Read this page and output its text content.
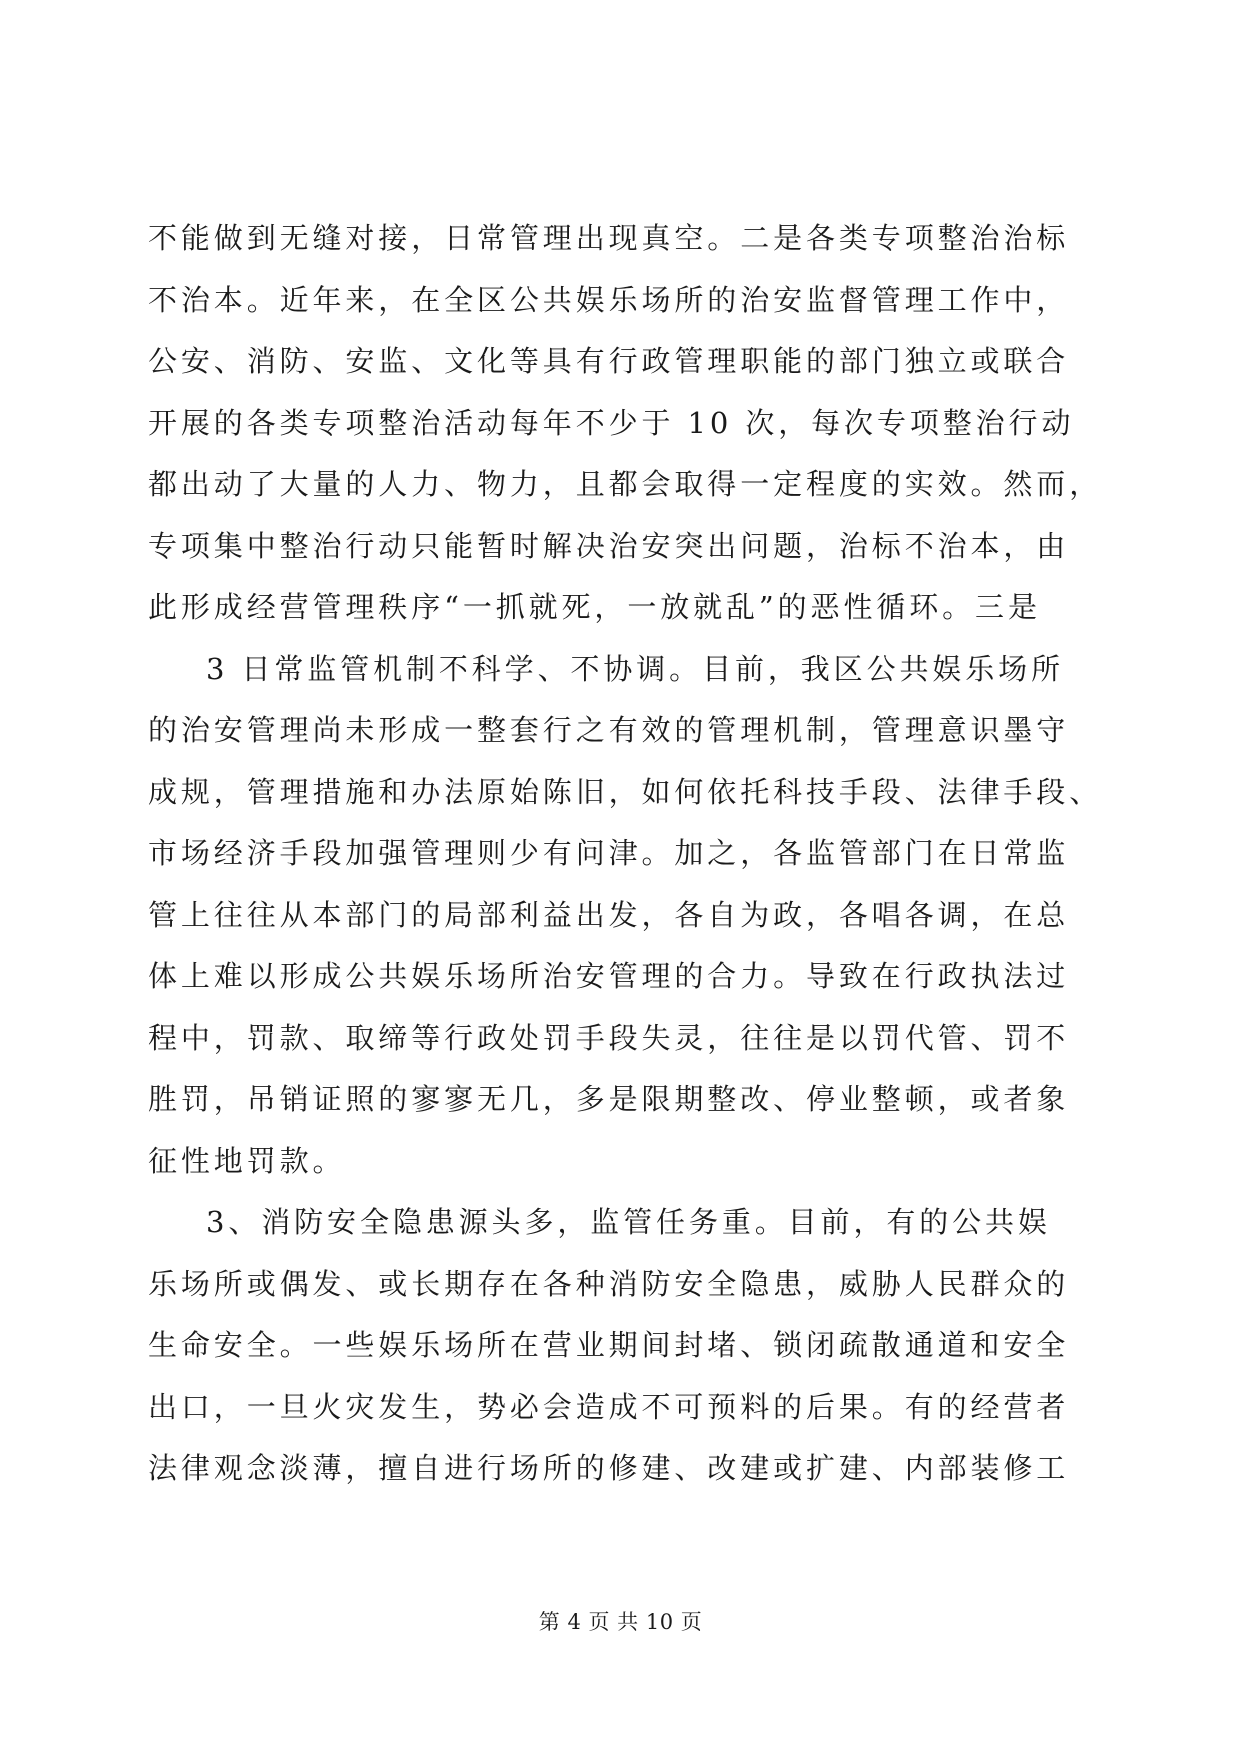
不能做到无缝对接，日常管理出现真空。二是各类专项整治治标
不治本。近年来，在全区公共娱乐场所的治安监督管理工作中，
公安、消防、安监、文化等具有行政管理职能的部门独立或联合
开展的各类专项整治活动每年不少于 10 次，每次专项整治行动
都出动了大量的人力、物力，且都会取得一定程度的实效。然而，
专项集中整治行动只能暂时解决治安突出问题，治标不治本，由
此形成经营管理秩序“一抓就死，一放就乱”的恶性循环。三是
3 日常监管机制不科学、不协调。目前，我区公共娱乐场所
的治安管理尚未形成一整套行之有效的管理机制，管理意识墨守
成规，管理措施和办法原始陈旧，如何依托科技手段、法律手段、
市场经济手段加强管理则少有问津。加之，各监管部门在日常监
管上往往从本部门的局部利益出发，各自为政，各唱各调，在总
体上难以形成公共娱乐场所治安管理的合力。导致在行政执法过
程中，罚款、取缔等行政处罚手段失灵，往往是以罚代管、罚不
胜罚，吊销证照的寥寥无几，多是限期整改、停业整顿，或者象
征性地罚款。
3、消防安全隐患源头多，监管任务重。目前，有的公共娱
乐场所或偶发、或长期存在各种消防安全隐患，威胁人民群众的
生命安全。一些娱乐场所在营业期间封堵、锁闭疏散通道和安全
出口，一旦火灾发生，势必会造成不可预料的后果。有的经营者
法律观念淡薄，擅自进行场所的修建、改建或扩建、内部装修工
第 4 页 共 10 页
